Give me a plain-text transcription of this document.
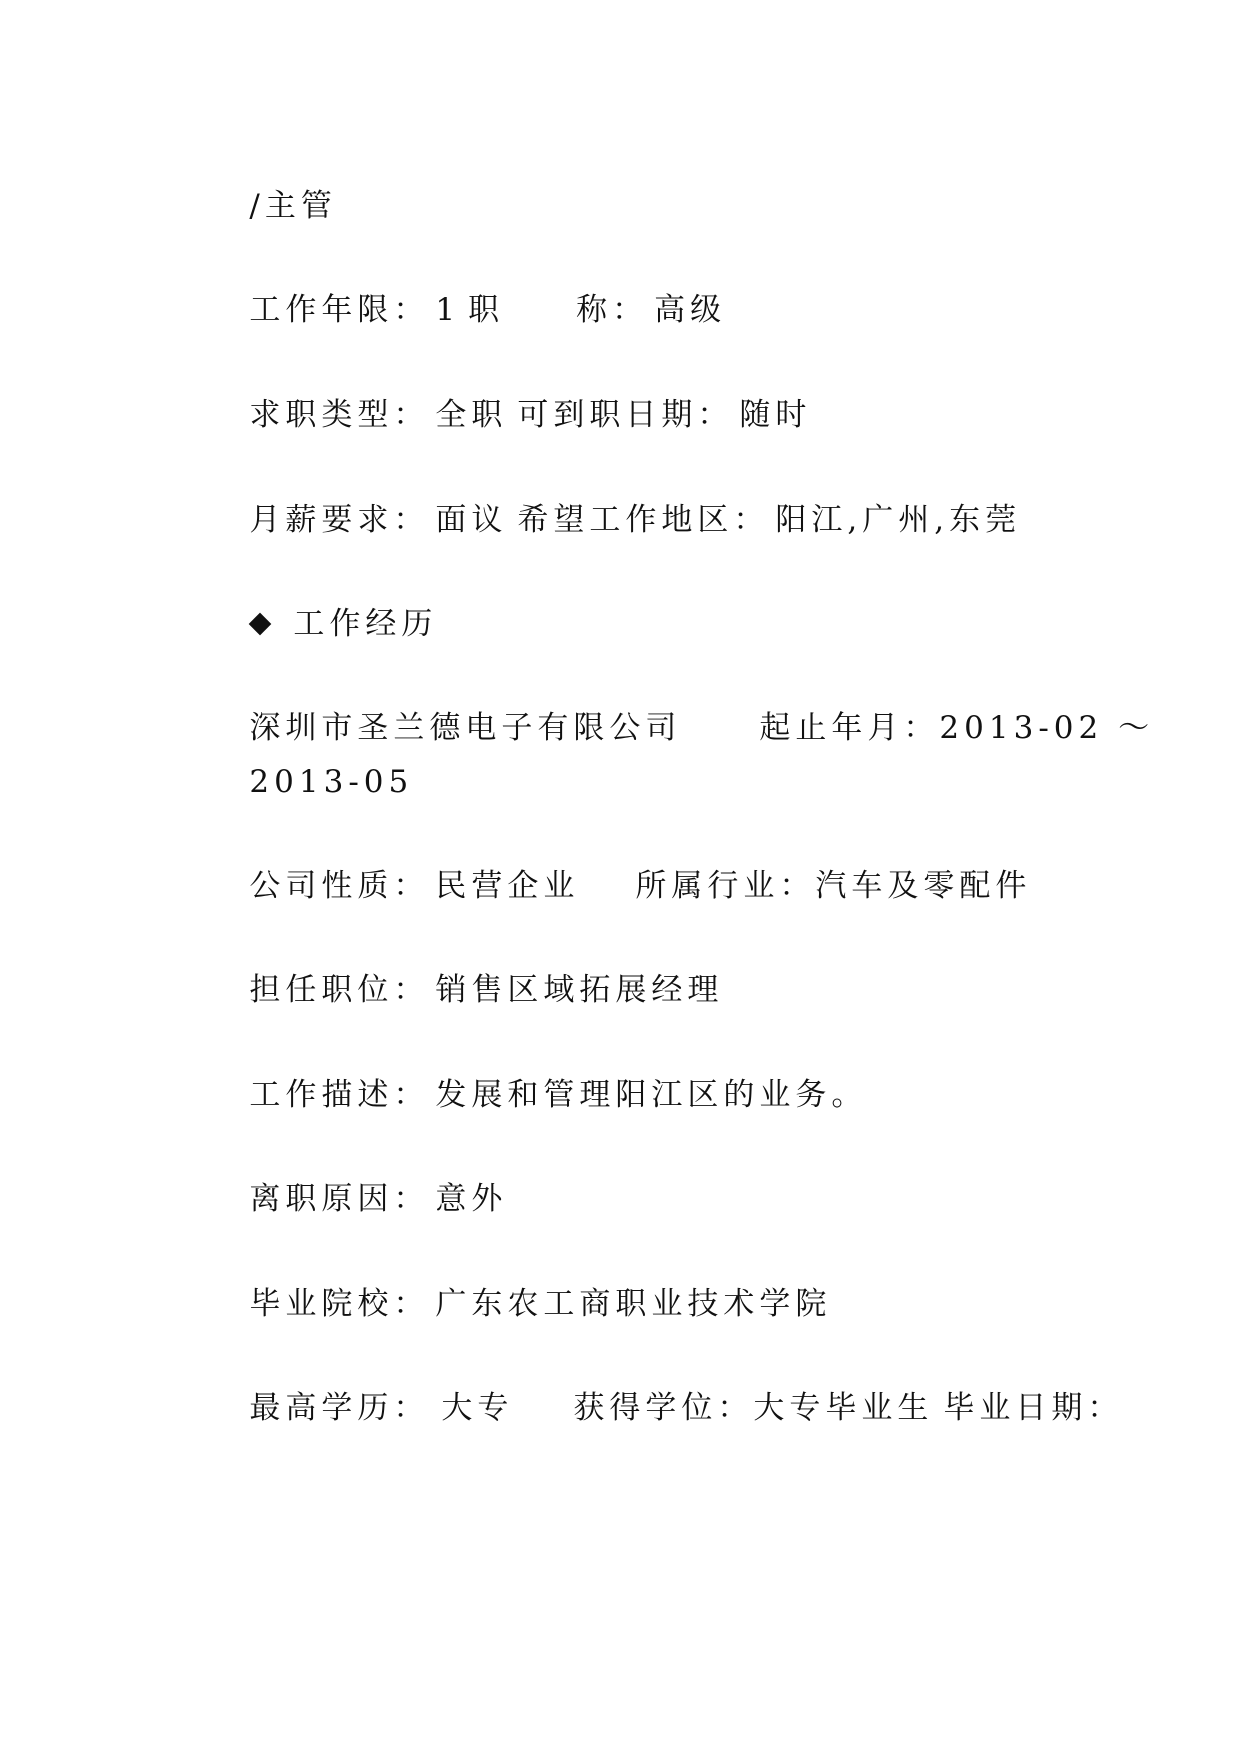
/主管

工作年限： 1 职　　称： 高级

求职类型： 全职 可到职日期： 随时

月薪要求： 面议 希望工作地区： 阳江,广州,东莞

工作经历

深圳市圣兰德电子有限公司	起止年月：2013-02 ～

2013-05

公司性质： 民营企业 所属行业：汽车及零配件

担任职位： 销售区域拓展经理

工作描述： 发展和管理阳江区的业务。

离职原因： 意外

毕业院校： 广东农工商职业技术学院

最高学历： 大专 获得学位：大专毕业生 毕业日期：
